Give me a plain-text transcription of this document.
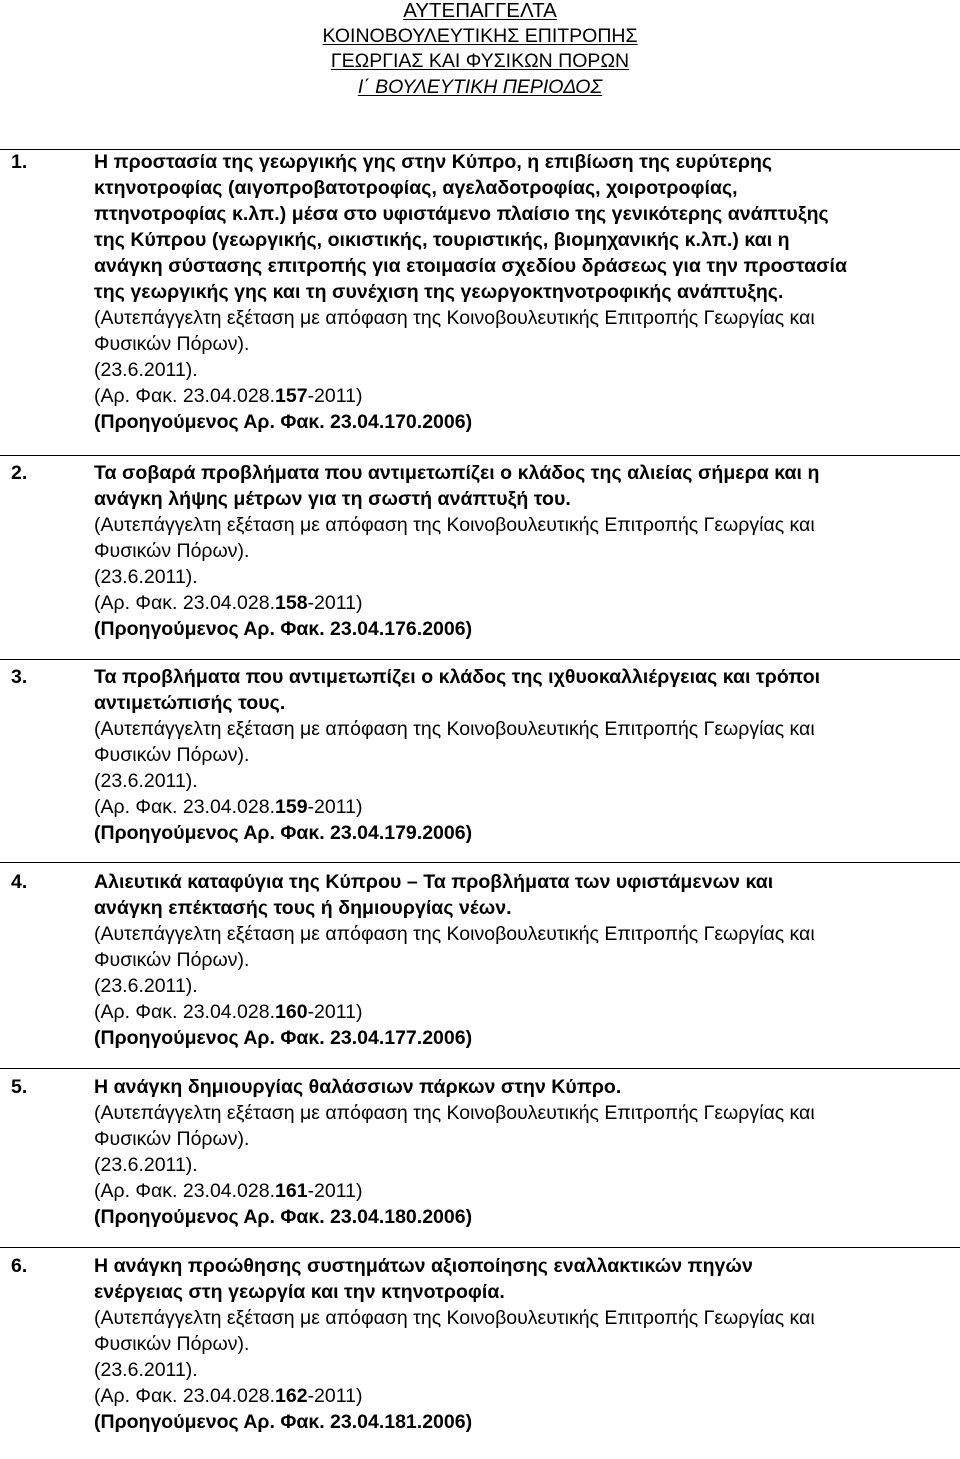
ΑΥΤΕΠΑΓΓΕΛΤΑ
ΚΟΙΝΟΒΟΥΛΕΥΤΙΚΗΣ ΕΠΙΤΡΟΠΗΣ
ΓΕΩΡΓΙΑΣ ΚΑΙ ΦΥΣΙΚΩΝ ΠΟΡΩΝ
Ι΄ ΒΟΥΛΕΥΤΙΚΗ ΠΕΡΙΟΔΟΣ
1.	Η προστασία της γεωργικής γης στην Κύπρο, η επιβίωση της ευρύτερης
κτηνοτροφίας (αιγοπροβατοτροφίας, αγελαδοτροφίας, χοιροτροφίας,
πτηνοτροφίας κ.λπ.) μέσα στο υφιστάμενο πλαίσιο της γενικότερης ανάπτυξης
της Κύπρου (γεωργικής, οικιστικής, τουριστικής, βιομηχανικής κ.λπ.) και η
ανάγκη σύστασης επιτροπής για ετοιμασία σχεδίου δράσεως για την προστασία
της γεωργικής γης και τη συνέχιση της γεωργοκτηνοτροφικής ανάπτυξης.
(Αυτεπάγγελτη εξέταση με απόφαση της Κοινοβουλευτικής Επιτροπής Γεωργίας και
Φυσικών Πόρων).
(23.6.2011).
(Αρ. Φακ. 23.04.028.157-2011)
(Προηγούμενος Αρ. Φακ. 23.04.170.2006)
2.	Τα σοβαρά προβλήματα που αντιμετωπίζει ο κλάδος της αλιείας σήμερα και η
ανάγκη λήψης μέτρων για τη σωστή ανάπτυξή του.
(Αυτεπάγγελτη εξέταση με απόφαση της Κοινοβουλευτικής Επιτροπής Γεωργίας και
Φυσικών Πόρων).
(23.6.2011).
(Αρ. Φακ. 23.04.028.158-2011)
(Προηγούμενος Αρ. Φακ. 23.04.176.2006)
3.	Τα προβλήματα που αντιμετωπίζει ο κλάδος της ιχθυοκαλλιέργειας και τρόποι
αντιμετώπισής τους.
(Αυτεπάγγελτη εξέταση με απόφαση της Κοινοβουλευτικής Επιτροπής Γεωργίας και
Φυσικών Πόρων).
(23.6.2011).
(Αρ. Φακ. 23.04.028.159-2011)
(Προηγούμενος Αρ. Φακ. 23.04.179.2006)
4.	Αλιευτικά καταφύγια της Κύπρου – Τα προβλήματα των υφιστάμενων και
ανάγκη επέκτασής τους ή δημιουργίας νέων.
(Αυτεπάγγελτη εξέταση με απόφαση της Κοινοβουλευτικής Επιτροπής Γεωργίας και
Φυσικών Πόρων).
(23.6.2011).
(Αρ. Φακ. 23.04.028.160-2011)
(Προηγούμενος Αρ. Φακ. 23.04.177.2006)
5.	Η ανάγκη δημιουργίας θαλάσσιων πάρκων στην Κύπρο.
(Αυτεπάγγελτη εξέταση με απόφαση της Κοινοβουλευτικής Επιτροπής Γεωργίας και
Φυσικών Πόρων).
(23.6.2011).
(Αρ. Φακ. 23.04.028.161-2011)
(Προηγούμενος Αρ. Φακ. 23.04.180.2006)
6.	Η ανάγκη προώθησης συστημάτων αξιοποίησης εναλλακτικών πηγών
ενέργειας στη γεωργία και την κτηνοτροφία.
(Αυτεπάγγελτη εξέταση με απόφαση της Κοινοβουλευτικής Επιτροπής Γεωργίας και
Φυσικών Πόρων).
(23.6.2011).
(Αρ. Φακ. 23.04.028.162-2011)
(Προηγούμενος Αρ. Φακ. 23.04.181.2006)
